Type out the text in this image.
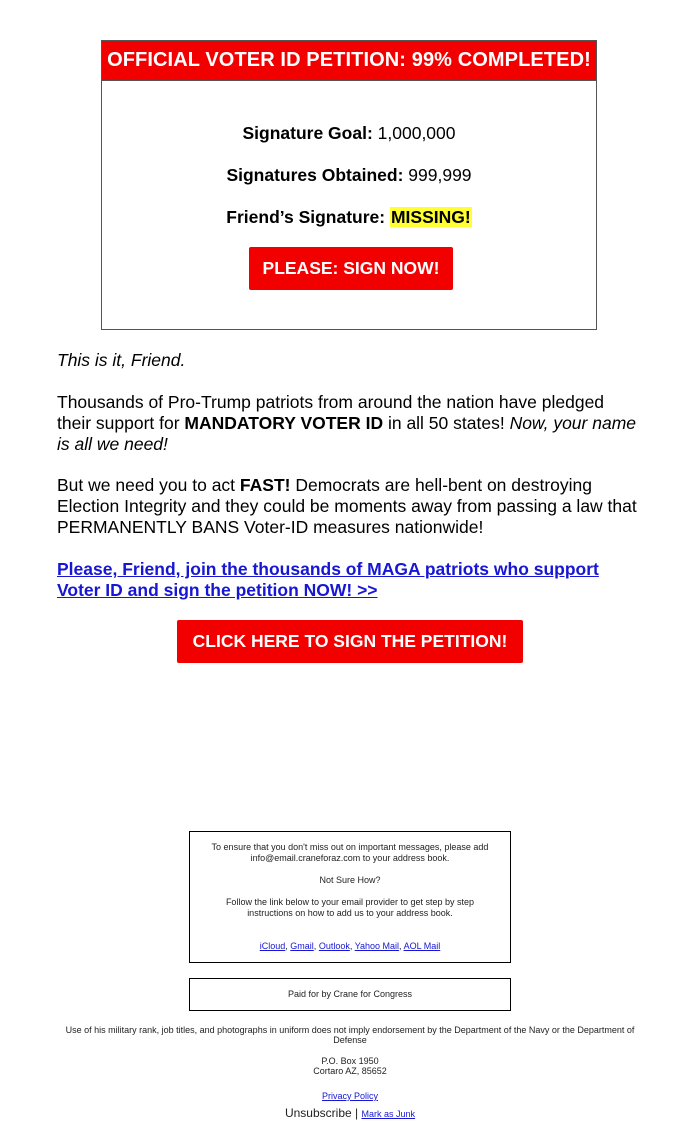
OFFICIAL VOTER ID PETITION: 99% COMPLETED!
Signature Goal: 1,000,000
Signatures Obtained: 999,999
Friend’s Signature: MISSING!
PLEASE: SIGN NOW!
This is it, Friend.
Thousands of Pro-Trump patriots from around the nation have pledged their support for MANDATORY VOTER ID in all 50 states! Now, your name is all we need!
But we need you to act FAST! Democrats are hell-bent on destroying Election Integrity and they could be moments away from passing a law that PERMANENTLY BANS Voter-ID measures nationwide!
Please, Friend, join the thousands of MAGA patriots who support Voter ID and sign the petition NOW! >>
CLICK HERE TO SIGN THE PETITION!

To ensure that you don't miss out on important messages, please add info@email.craneforaz.com to your address book.

Not Sure How?

Follow the link below to your email provider to get step by step instructions on how to add us to your address book.

iCloud, Gmail, Outlook, Yahoo Mail, AOL Mail

Paid for by Crane for Congress
Use of his military rank, job titles, and photographs in uniform does not imply endorsement by the Department of the Navy or the Department of Defense
P.O. Box 1950
Cortaro AZ, 85652
Privacy Policy
Unsubscribe | Mark as Junk
